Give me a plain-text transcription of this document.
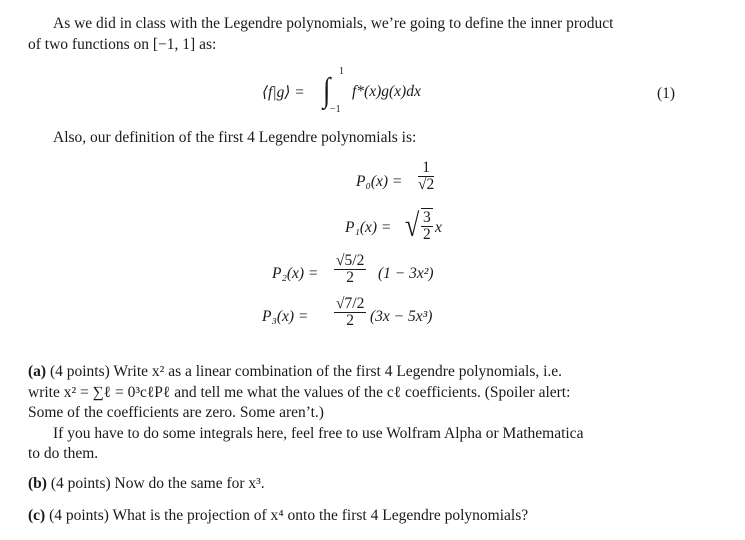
As we did in class with the Legendre polynomials, we’re going to define the inner product
of two functions on [−1, 1] as:
⟨f|g⟩ = ∫
1
−1
f*(x)g(x)dx	(1)
Also, our definition of the first 4 Legendre polynomials is:
$P_0(x) = \frac{1}{√2}$
P₁(x) = √ $\frac{3}{2}$ x
$P_2(x) = \frac{√5/2}{2} (1 - 3x^2)$
$P_3(x) = \frac{√7/2}{2} (3x - 5x^3)$
(a) (4 points) Write x² as a linear combination of the first 4 Legendre polynomials, i.e.
write x² = ∑ℓ = 0³cℓPℓ and tell me what the values of the cℓ coefficients. (Spoiler alert:
Some of the coefficients are zero. Some aren’t.)
If you have to do some integrals here, feel free to use Wolfram Alpha or Mathematica
to do them.
(b) (4 points) Now do the same for x³.
(c) (4 points) What is the projection of x⁴ onto the first 4 Legendre polynomials?
